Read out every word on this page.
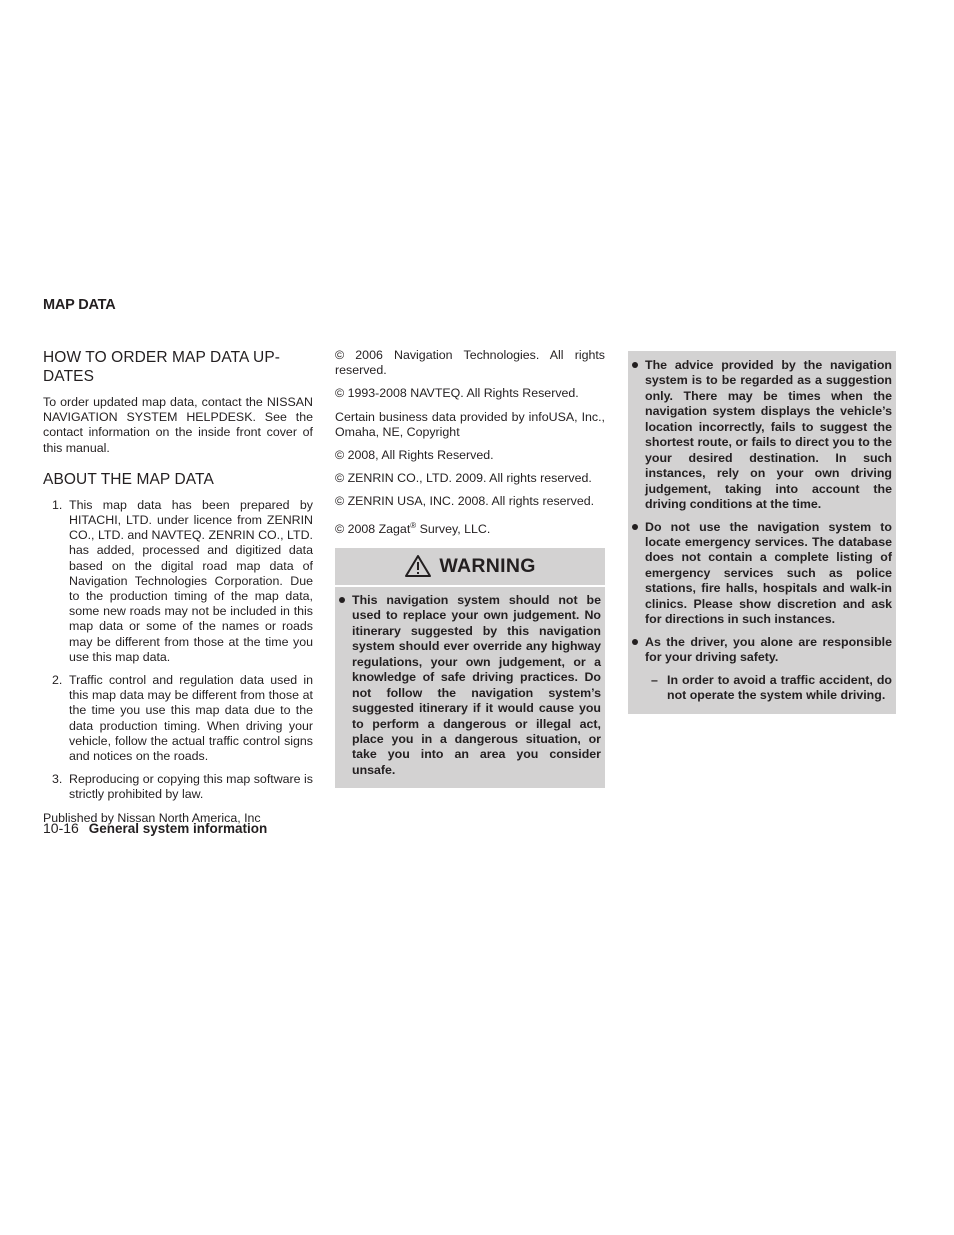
MAP DATA
HOW TO ORDER MAP DATA UP-DATES

To order updated map data, contact the NISSAN NAVIGATION SYSTEM HELPDESK. See the contact information on the inside front cover of this manual.

ABOUT THE MAP DATA
1. This map data has been prepared by HITACHI, LTD. under licence from ZENRIN CO., LTD. and NAVTEQ. ZENRIN CO., LTD. has added, processed and digitized data based on the digital road map data of Navigation Technologies Corporation. Due to the production timing of the map data, some new roads may not be included in this map data or some of the names or roads may be different from those at the time you use this map data.
2. Traffic control and regulation data used in this map data may be different from those at the time you use this map data due to the data production timing. When driving your vehicle, follow the actual traffic control signs and notices on the roads.
3. Reproducing or copying this map software is strictly prohibited by law.

Published by Nissan North America, Inc

© 2006 Navigation Technologies. All rights reserved.

© 1993-2008 NAVTEQ. All Rights Reserved.

Certain business data provided by infoUSA, Inc., Omaha, NE, Copyright

© 2008, All Rights Reserved.

© ZENRIN CO., LTD. 2009. All rights reserved.

© ZENRIN USA, INC. 2008. All rights reserved.

© 2008 Zagat® Survey, LLC.

WARNING
This navigation system should not be used to replace your own judgement. No itinerary suggested by this navigation system should ever override any highway regulations, your own judgement, or a knowledge of safe driving practices. Do not follow the navigation system’s suggested itinerary if it would cause you to perform a dangerous or illegal act, place you in a dangerous situation, or take you into an area you consider unsafe.
The advice provided by the navigation system is to be regarded as a suggestion only. There may be times when the navigation system displays the vehicle’s location incorrectly, fails to suggest the shortest route, or fails to direct you to the your desired destination. In such instances, rely on your own driving judgement, taking into account the driving conditions at the time.
Do not use the navigation system to locate emergency services. The database does not contain a complete listing of emergency services such as police stations, fire halls, hospitals and walk-in clinics. Please show discretion and ask for directions in such instances.
As the driver, you alone are responsible for your driving safety.
– In order to avoid a traffic accident, do not operate the system while driving.
10-16 General system information
